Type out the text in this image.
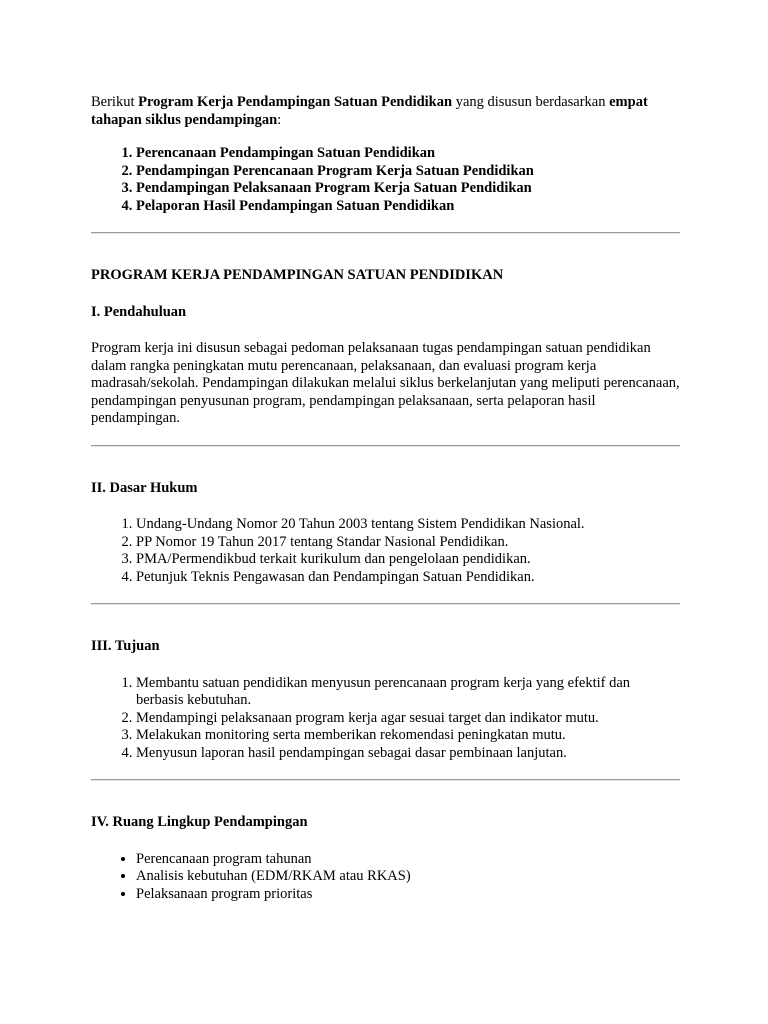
Berikut Program Kerja Pendampingan Satuan Pendidikan yang disusun berdasarkan empat tahapan siklus pendampingan:

1. Perencanaan Pendampingan Satuan Pendidikan
2. Pendampingan Perencanaan Program Kerja Satuan Pendidikan
3. Pendampingan Pelaksanaan Program Kerja Satuan Pendidikan
4. Pelaporan Hasil Pendampingan Satuan Pendidikan

PROGRAM KERJA PENDAMPINGAN SATUAN PENDIDIKAN

I. Pendahuluan

Program kerja ini disusun sebagai pedoman pelaksanaan tugas pendampingan satuan pendidikan dalam rangka peningkatan mutu perencanaan, pelaksanaan, dan evaluasi program kerja madrasah/sekolah. Pendampingan dilakukan melalui siklus berkelanjutan yang meliputi perencanaan, pendampingan penyusunan program, pendampingan pelaksanaan, serta pelaporan hasil pendampingan.

II. Dasar Hukum

1. Undang-Undang Nomor 20 Tahun 2003 tentang Sistem Pendidikan Nasional.
2. PP Nomor 19 Tahun 2017 tentang Standar Nasional Pendidikan.
3. PMA/Permendikbud terkait kurikulum dan pengelolaan pendidikan.
4. Petunjuk Teknis Pengawasan dan Pendampingan Satuan Pendidikan.

III. Tujuan

1. Membantu satuan pendidikan menyusun perencanaan program kerja yang efektif dan berbasis kebutuhan.
2. Mendampingi pelaksanaan program kerja agar sesuai target dan indikator mutu.
3. Melakukan monitoring serta memberikan rekomendasi peningkatan mutu.
4. Menyusun laporan hasil pendampingan sebagai dasar pembinaan lanjutan.

IV. Ruang Lingkup Pendampingan

• Perencanaan program tahunan
• Analisis kebutuhan (EDM/RKAM atau RKAS)
• Pelaksanaan program prioritas
